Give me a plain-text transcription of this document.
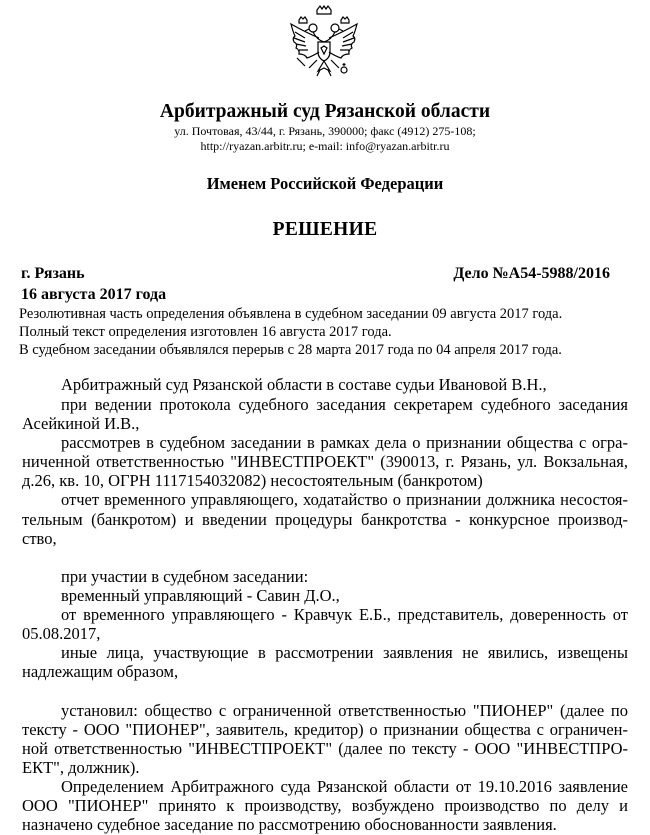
Арбитражный суд Рязанской области
ул. Почтовая, 43/44, г. Рязань, 390000; факс (4912) 275-108;
http://ryazan.arbitr.ru; e-mail: info@ryazan.arbitr.ru
Именем Российской Федерации
РЕШЕНИЕ
г. Рязань	Дело №А54-5988/2016
16 августа 2017 года
Резолютивная часть определения объявлена в судебном заседании 09 августа 2017 года.
Полный текст определения изготовлен 16 августа 2017 года.
В судебном заседании объявлялся перерыв с 28 марта 2017 года по 04 апреля 2017 года.
Арбитражный суд Рязанской области в составе судьи Ивановой В.Н.,
при ведении протокола судебного заседания секретарем судебного заседания
Асейкиной И.В.,
рассмотрев в судебном заседании в рамках дела о признании общества с огра-
ниченной ответственностью "ИНВЕСТПРОЕКТ" (390013, г. Рязань, ул. Вокзальная,
д.26, кв. 10, ОГРН 1117154032082) несостоятельным (банкротом)
отчет временного управляющего, ходатайство о признании должника несостоя-
тельным (банкротом) и введении процедуры банкротства - конкурсное производ-
ство,
при участии в судебном заседании:
временный управляющий - Савин Д.О.,
от временного управляющего - Кравчук Е.Б., представитель, доверенность от
05.08.2017,
иные лица, участвующие в рассмотрении заявления не явились, извещены
надлежащим образом,
установил: общество с ограниченной ответственностью "ПИОНЕР" (далее по
тексту - ООО "ПИОНЕР", заявитель, кредитор) о признании общества с ограничен-
ной ответственностью "ИНВЕСТПРОЕКТ" (далее по тексту - ООО "ИНВЕСТПРО-
ЕКТ", должник).
Определением Арбитражного суда Рязанской области от 19.10.2016 заявление
ООО "ПИОНЕР" принято к производству, возбуждено производство по делу и
назначено судебное заседание по рассмотрению обоснованности заявления.
